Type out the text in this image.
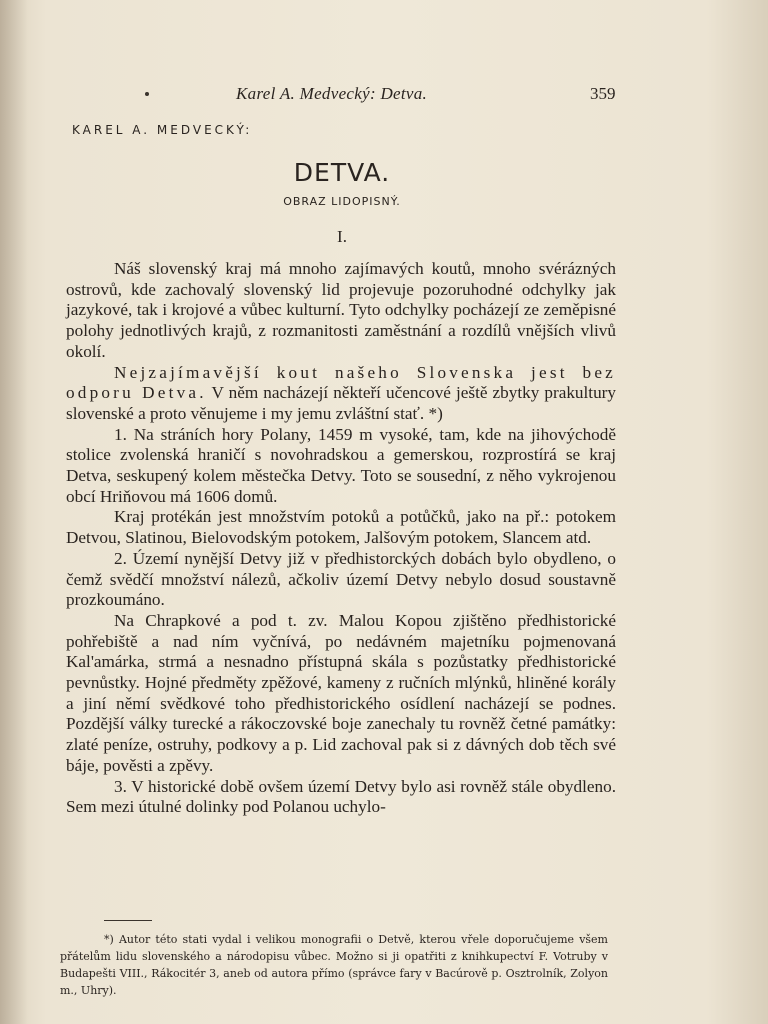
Karel A. Medvecký: Detva.	359
KAREL A. MEDVECKÝ:
DETVA.
OBRAZ LIDOPISNÝ.
I.

Náš slovenský kraj má mnoho zajímavých koutů, mnoho svérázných ostrovů, kde zachovalý slovenský lid projevuje pozoruhodné odchylky jak jazykové, tak i krojové a vůbec kulturní. Tyto odchylky pocházejí ze zeměpisné polohy jednotlivých krajů, z rozmanitosti zaměstnání a rozdílů vnějších vlivů okolí.

Nejzajímavější kout našeho Slovenska jest bez odporu Detva. V něm nacházejí někteří učencové ještě zbytky prakultury slovenské a proto věnujeme i my jemu zvláštní stať. *)

1. Na stráních hory Polany, 1459 m vysoké, tam, kde na jihovýchodě stolice zvolenská hraničí s novohradskou a gemerskou, rozprostírá se kraj Detva, seskupený kolem městečka Detvy. Toto se sousední, z něho vykrojenou obcí Hriňovou má 1606 domů.

Kraj protékán jest množstvím potoků a potůčků, jako na př.: potokem Detvou, Slatinou, Bielovodským potokem, Jalšovým potokem, Slancem atd.

2. Území nynější Detvy již v předhistorckých dobách bylo obydleno, o čemž svědčí množství nálezů, ačkoliv území Detvy nebylo dosud soustavně prozkoumáno.

Na Chrapkové a pod t. zv. Malou Kopou zjištěno předhistorické pohřebiště a nad ním vyčnívá, po nedávném majetníku pojmenovaná Kal'amárka, strmá a nesnadno přístupná skála s pozůstatky předhistorické pevnůstky. Hojné předměty zpěžové, kameny z ručních mlýnků, hliněné korály a jiní němí svědkové toho předhistorického osídlení nacházejí se podnes. Pozdější války turecké a rákoczovské boje zanechaly tu rovněž četné památky: zlaté peníze, ostruhy, podkovy a p. Lid zachoval pak si z dávných dob těch své báje, pověsti a zpěvy.

3. V historické době ovšem území Detvy bylo asi rovněž stále obydleno. Sem mezi útulné dolinky pod Polanou uchylo-

*) Autor této stati vydal i velikou monografii o Detvě, kterou vřele doporučujeme všem přátelům lidu slovenského a národopisu vůbec. Možno si ji opatřiti z knihkupectví F. Votruby v Budapešti VIII., Rákocitér 3, aneb od autora přímo (správce fary v Bacúrově p. Osztrolník, Zolyon m., Uhry).
